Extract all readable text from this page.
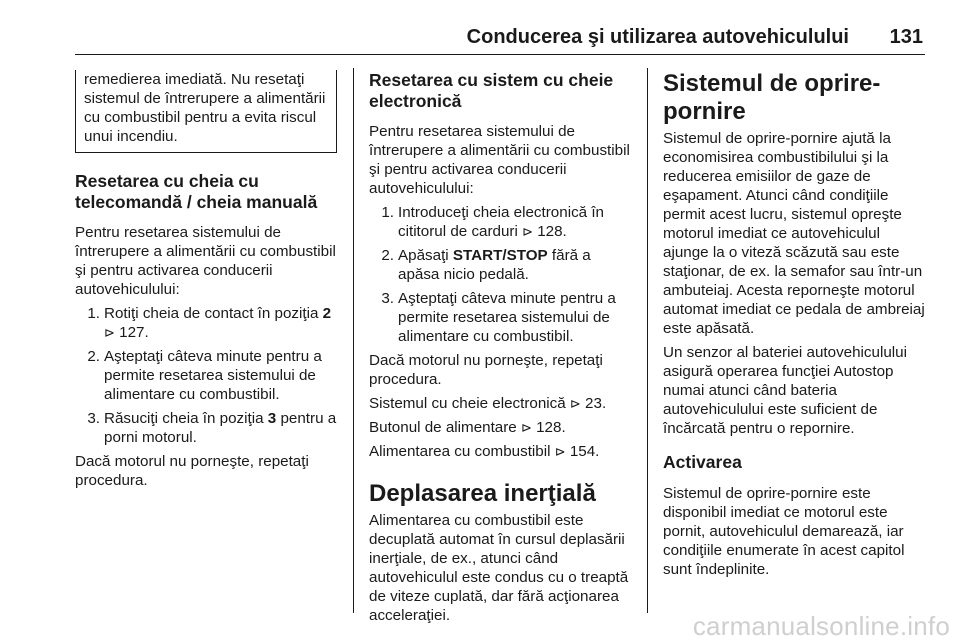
Conducerea şi utilizarea autovehiculului 131
remedierea imediată. Nu resetaţi sistemul de întrerupere a alimentării cu combustibil pentru a evita riscul unui incendiu.
Resetarea cu cheia cu telecomandă / cheia manuală
Pentru resetarea sistemului de întrerupere a alimentării cu combustibil şi pentru activarea conducerii autovehiculului:
1. Rotiţi cheia de contact în poziţia 2 ⊳ 127.
2. Aşteptaţi câteva minute pentru a permite resetarea sistemului de alimentare cu combustibil.
3. Răsuciţi cheia în poziţia 3 pentru a porni motorul.
Dacă motorul nu porneşte, repetaţi procedura.
Resetarea cu sistem cu cheie electronică
Pentru resetarea sistemului de întrerupere a alimentării cu combustibil şi pentru activarea conducerii autovehiculului:
1. Introduceţi cheia electronică în cititorul de carduri ⊳ 128.
2. Apăsaţi START/STOP fără a apăsa nicio pedală.
3. Aşteptaţi câteva minute pentru a permite resetarea sistemului de alimentare cu combustibil.
Dacă motorul nu porneşte, repetaţi procedura.
Sistemul cu cheie electronică ⊳ 23.
Butonul de alimentare ⊳ 128.
Alimentarea cu combustibil ⊳ 154.
Deplasarea inerţială
Alimentarea cu combustibil este decuplată automat în cursul deplasării inerţiale, de ex., atunci când autovehiculul este condus cu o treaptă de viteze cuplată, dar fără acţionarea acceleraţiei.
Sistemul de oprire-pornire
Sistemul de oprire-pornire ajută la economisirea combustibilului şi la reducerea emisiilor de gaze de eşapament. Atunci când condiţiile permit acest lucru, sistemul opreşte motorul imediat ce autovehiculul ajunge la o viteză scăzută sau este staţionar, de ex. la semafor sau într-un ambuteiaj. Acesta reporneşte motorul automat imediat ce pedala de ambreiaj este apăsată.
Un senzor al bateriei autovehiculului asigură operarea funcţiei Autostop numai atunci când bateria autovehiculului este suficient de încărcată pentru o repornire.
Activarea
Sistemul de oprire-pornire este disponibil imediat ce motorul este pornit, autovehiculul demarează, iar condiţiile enumerate în acest capitol sunt îndeplinite.
carmanualsonline.info
